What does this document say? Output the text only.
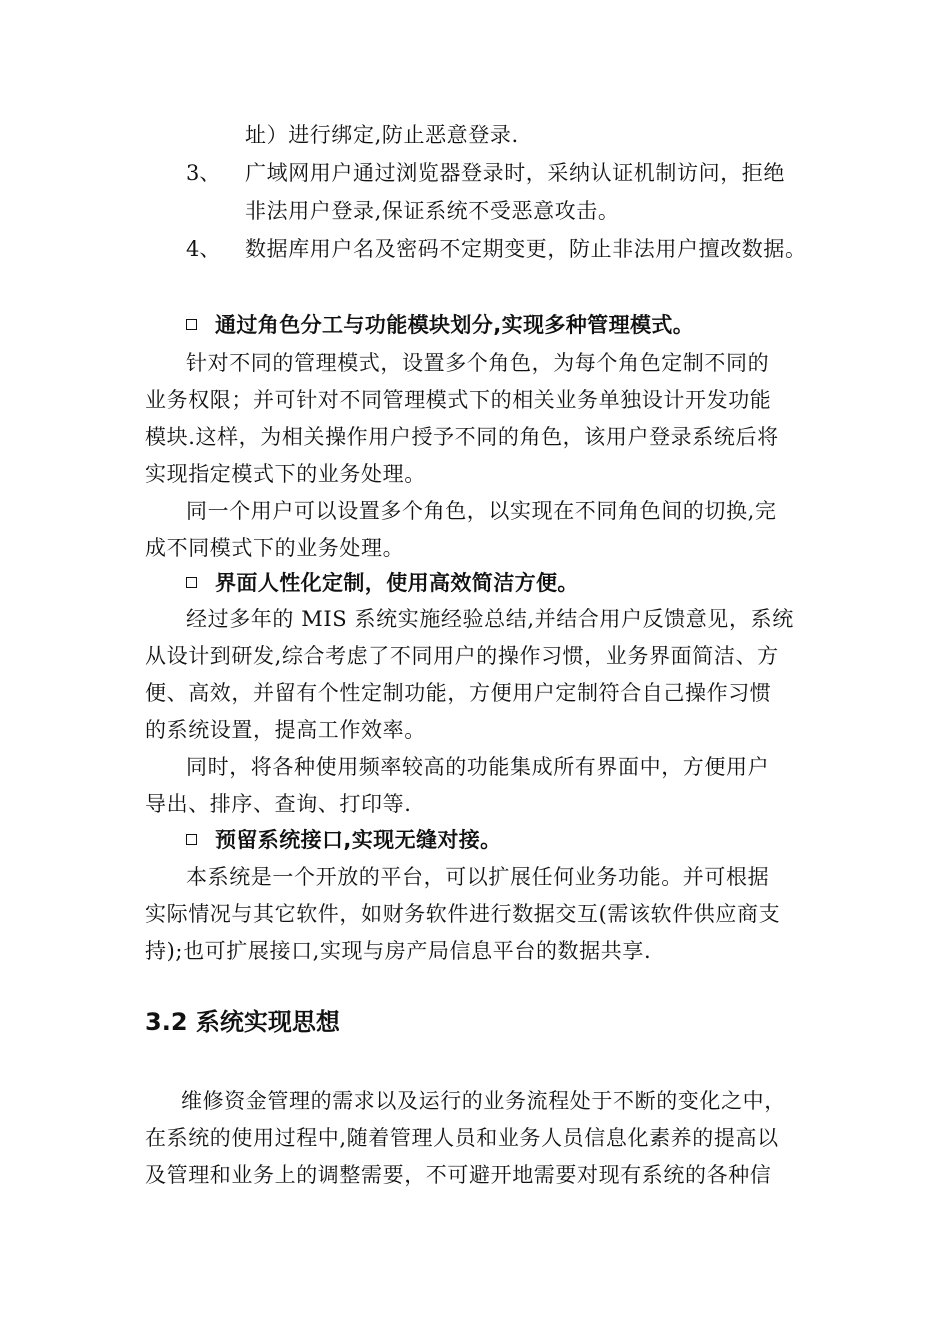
址）进行绑定,防止恶意登录.
3、 广域网用户通过浏览器登录时，采纳认证机制访问，拒绝
非法用户登录,保证系统不受恶意攻击。
4、 数据库用户名及密码不定期变更，防止非法用户擅改数据。
通过角色分工与功能模块划分,实现多种管理模式。
针对不同的管理模式，设置多个角色，为每个角色定制不同的
业务权限；并可针对不同管理模式下的相关业务单独设计开发功能
模块.这样，为相关操作用户授予不同的角色，该用户登录系统后将
实现指定模式下的业务处理。
同一个用户可以设置多个角色，以实现在不同角色间的切换,完
成不同模式下的业务处理。
界面人性化定制，使用高效简洁方便。
经过多年的 MIS 系统实施经验总结,并结合用户反馈意见，系统
从设计到研发,综合考虑了不同用户的操作习惯，业务界面简洁、方
便、高效，并留有个性定制功能，方便用户定制符合自己操作习惯
的系统设置，提高工作效率。
同时，将各种使用频率较高的功能集成所有界面中，方便用户
导出、排序、查询、打印等.
预留系统接口,实现无缝对接。
本系统是一个开放的平台，可以扩展任何业务功能。并可根据
实际情况与其它软件，如财务软件进行数据交互(需该软件供应商支
持);也可扩展接口,实现与房产局信息平台的数据共享.
3.2 系统实现思想
维修资金管理的需求以及运行的业务流程处于不断的变化之中，
在系统的使用过程中,随着管理人员和业务人员信息化素养的提高以
及管理和业务上的调整需要，不可避开地需要对现有系统的各种信
